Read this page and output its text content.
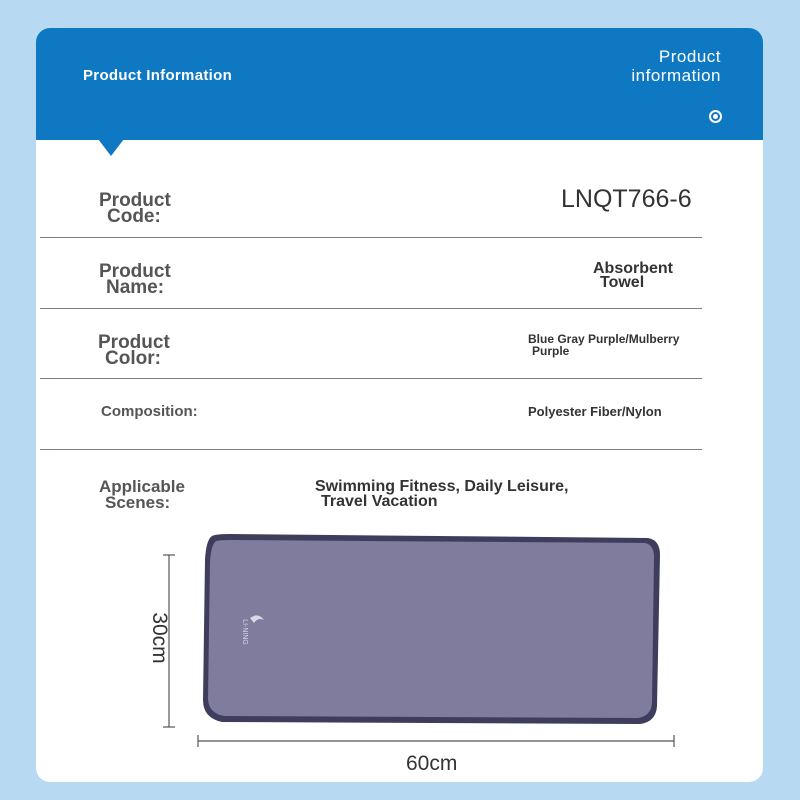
Product Information
Product information
Product
Code:
LNQT766-6
Product
Name:
Absorbent
Towel
Product
Color:
Blue Gray Purple/Mulberry
Purple
Composition:	Polyester Fiber/Nylon
Applicable
Scenes:
Swimming Fitness, Daily Leisure,
Travel Vacation
LI-NING
30cm
60cm
